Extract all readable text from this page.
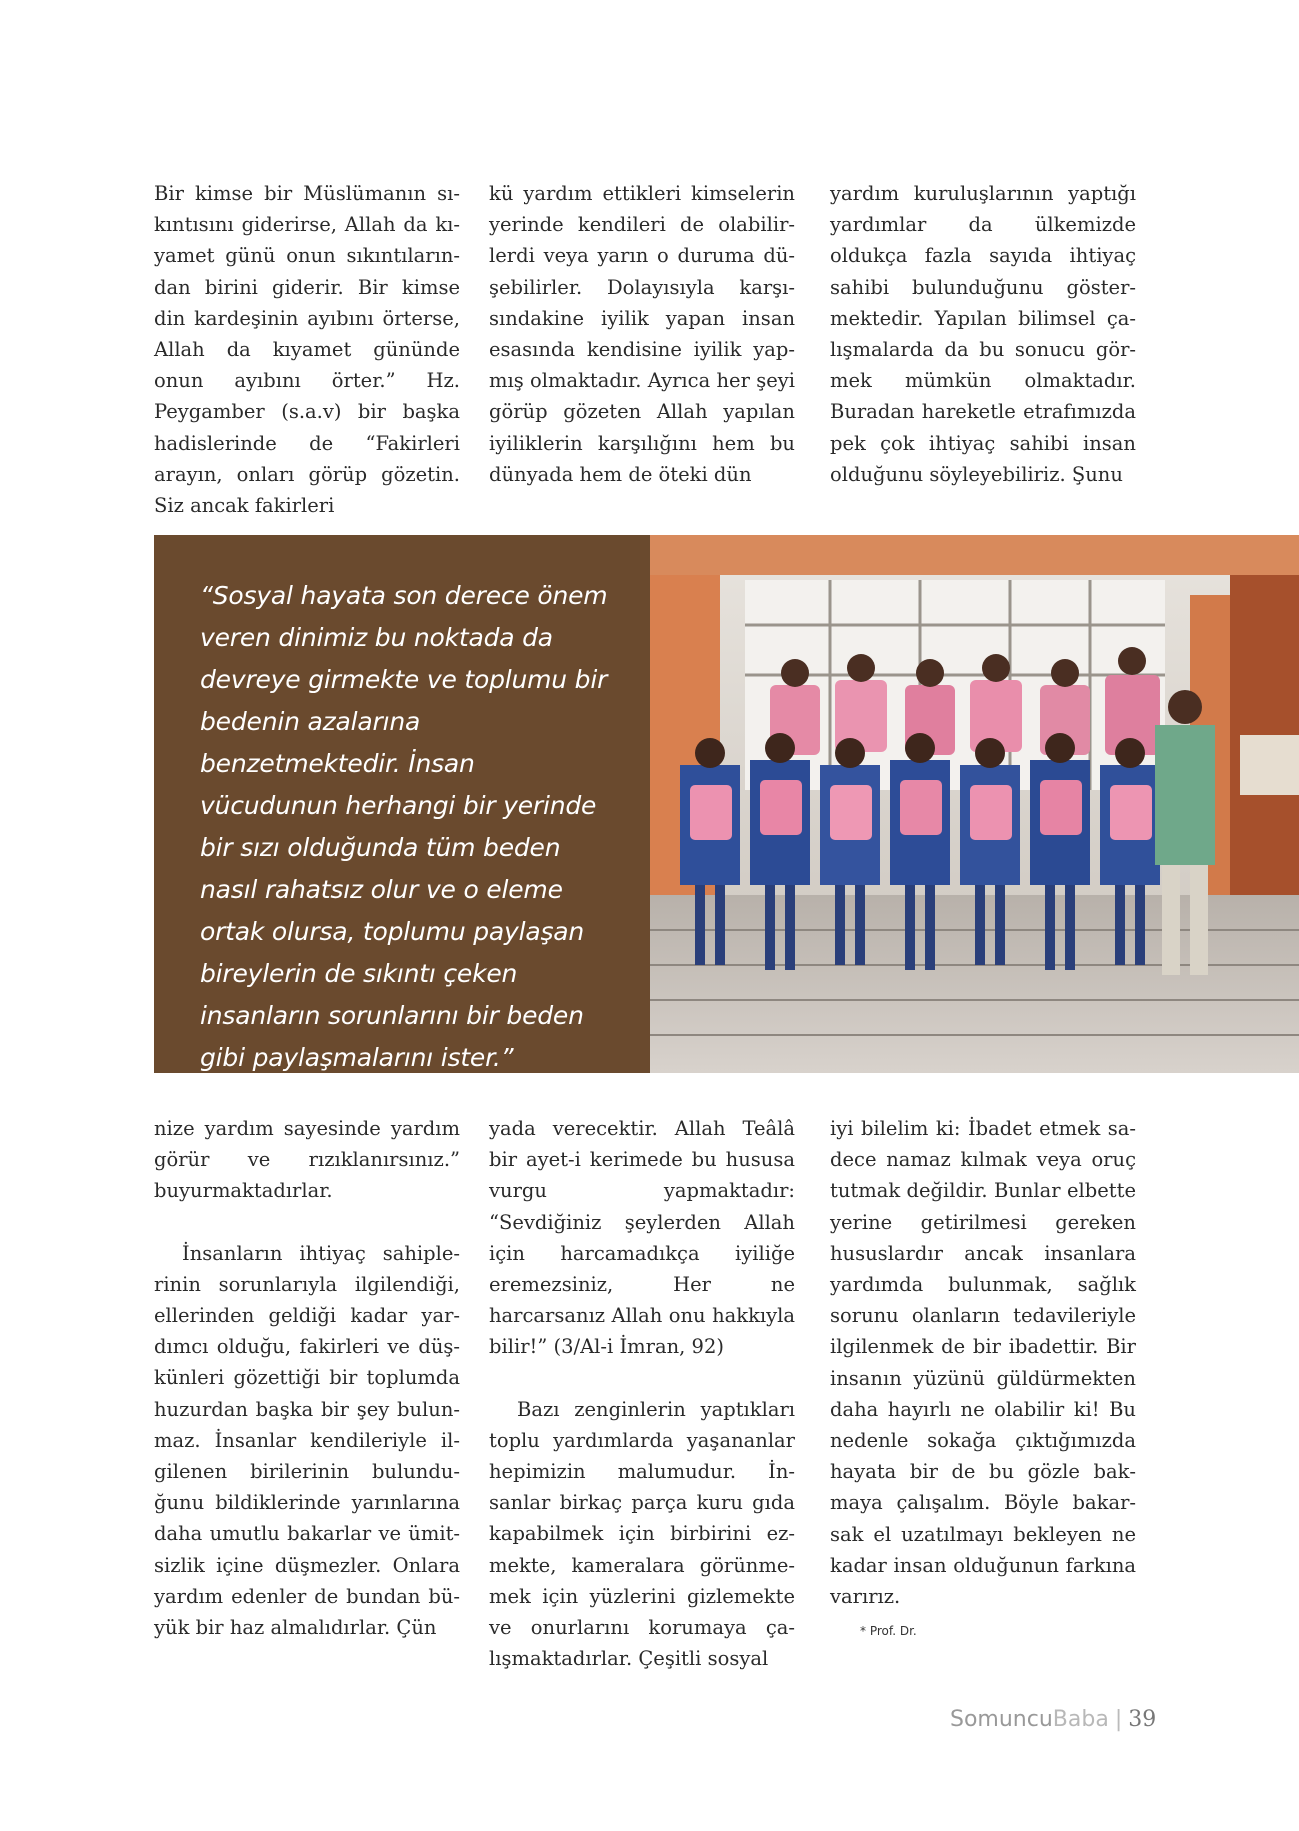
Bir kimse bir Müslümanın sıkıntısını giderirse, Allah da kıyamet günü onun sıkıntılarından birini giderir. Bir kimse din kardeşinin ayıbını örterse, Allah da kıyamet gününde onun ayıbını örter.” Hz. Peygamber (s.a.v) bir başka hadislerinde de “Fakirleri arayın, onları görüp gözetin. Siz ancak fakirleri

kü yardım ettikleri kimselerin yerinde kendileri de olabilirlerdi veya yarın o duruma düşebilirler. Dolayısıyla karşısındakine iyilik yapan insan esasında kendisine iyilik yapmış olmaktadır. Ayrıca her şeyi görüp gözeten Allah yapılan iyiliklerin karşılığını hem bu dünyada hem de öteki dün

yardım kuruluşlarının yaptığı yardımlar da ülkemizde oldukça fazla sayıda ihtiyaç sahibi bulunduğunu göstermektedir. Yapılan bilimsel çalışmalarda da bu sonucu görmek mümkün olmaktadır. Buradan hareketle etrafımızda pek çok ihtiyaç sahibi insan olduğunu söyleyebiliriz. Şunu

“Sosyal hayata son derece önem veren dinimiz bu noktada da devreye girmekte ve toplumu bir bedenin azalarına benzetmektedir. İnsan vücudunun herhangi bir yerinde bir sızı olduğunda tüm beden nasıl rahatsız olur ve o eleme ortak olursa, toplumu paylaşan bireylerin de sıkıntı çeken insanların sorunlarını bir beden gibi paylaşmalarını ister.”

nize yardım sayesinde yardım görür ve rızıklanırsınız.” buyurmaktadırlar.

İnsanların ihtiyaç sahiplerinin sorunlarıyla ilgilendiği, ellerinden geldiği kadar yardımcı olduğu, fakirleri ve düşkünleri gözettiği bir toplumda huzurdan başka bir şey bulunmaz. İnsanlar kendileriyle ilgilenen birilerinin bulunduğunu bildiklerinde yarınlarına daha umutlu bakarlar ve ümitsizlik içine düşmezler. Onlara yardım edenler de bundan büyük bir haz almalıdırlar. Çün

yada verecektir. Allah Teâlâ bir ayet-i kerimede bu hususa vurgu yapmaktadır: “Sevdiğiniz şeylerden Allah için harcamadıkça iyiliğe eremezsiniz, Her ne harcarsanız Allah onu hakkıyla bilir!” (3/Al-i İmran, 92)

Bazı zenginlerin yaptıkları toplu yardımlarda yaşananlar hepimizin malumudur. İnsanlar birkaç parça kuru gıda kapabilmek için birbirini ezmekte, kameralara görünmemek için yüzlerini gizlemekte ve onurlarını korumaya çalışmaktadırlar. Çeşitli sosyal

iyi bilelim ki: İbadet etmek sadece namaz kılmak veya oruç tutmak değildir. Bunlar elbette yerine getirilmesi gereken hususlardır ancak insanlara yardımda bulunmak, sağlık sorunu olanların tedavileriyle ilgilenmek de bir ibadettir. Bir insanın yüzünü güldürmekten daha hayırlı ne olabilir ki! Bu nedenle sokağa çıktığımızda hayata bir de bu gözle bakmaya çalışalım. Böyle bakarsak el uzatılmayı bekleyen ne kadar insan olduğunun farkına varırız.

* Prof. Dr.
SomuncuBaba | 39
